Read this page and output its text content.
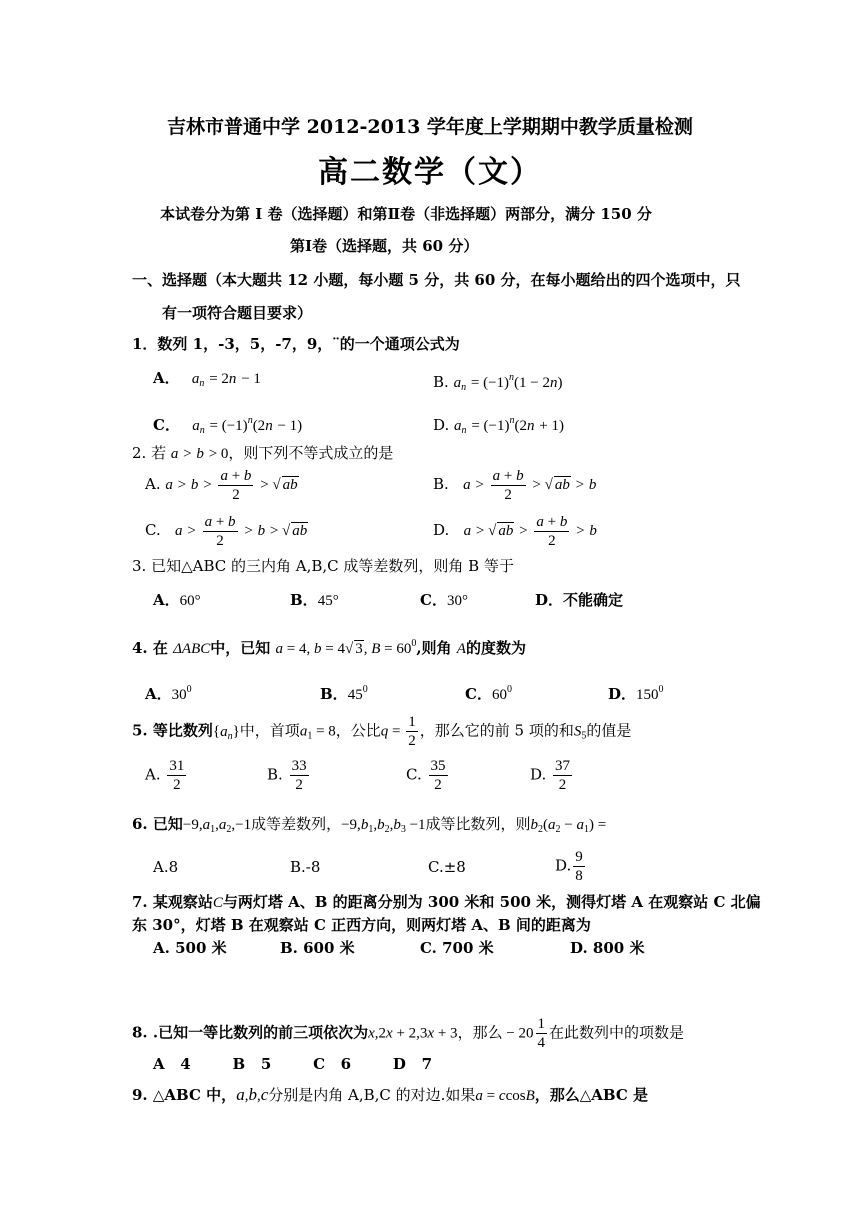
吉林市普通中学 2012-2013 学年度上学期期中教学质量检测
高二数学（文）
本试卷分为第 I 卷（选择题）和第Ⅱ卷（非选择题）两部分，满分 150 分
第Ⅰ卷（选择题，共 60 分）
一、选择题（本大题共 12 小题，每小题 5 分，共 60 分，在每小题给出的四个选项中，只
有一项符合题目要求）
1．数列 1，-3，5，-7，9，¨的一个通项公式为
A．   $a_n = 2n - 1$	B. $a_n = (-1)^n(1 - 2n)$
C．   $a_n = (-1)^n(2n - 1)$	D. $a_n = (-1)^n(2n + 1)$
2. 若 a > b > 0，则下列不等式成立的是
A. $a > b > \frac{a + b}{2}$ > √ ab	B. $a > \frac{a + b}{2}$ > √ ab > b
C. $a > \frac{a + b}{2} > b$ > √ ab	D. a > √ ab > $\frac{a + b}{2} > b$
3. 已知△ABC 的三内角 A,B,C 成等差数列，则角 B 等于
A．60°	B．45°	C．30°	D．不能确定
4. 在 ΔABC中，已知 a = 4, b = 4√ 3, $B = 60^0$,则角 A的度数为
A．$30^0$	B．$45^0$	C．$60^0$	D．$150^0$
5. 等比数列$\{a_n\}$中，首项$a_1 = 8$，公比$q = \frac{1}{2}$ ，那么它的前 5 项的和$S_5$的值是
A. $\frac{31}{2}$	B. $\frac{33}{2}$	C. $\frac{35}{2}$	D. $\frac{37}{2}$
6. 已知$-9,a_1,a_2,-1$成等差数列，$-9,b_1,b_2,b_3 -1$成等比数列，则$b_2(a_2 - a_1)$ =
A.8	B.-8	C.±8	D. $\frac{9}{8}$
7. 某观察站C与两灯塔 A、B 的距离分别为 300 米和 500 米，测得灯塔 A 在观察站 C 北偏
东 30°，灯塔 B 在观察站 C 正西方向，则两灯塔 A、B 间的距离为
A. 500 米	B. 600 米	C. 700 米	D. 800 米
8. .已知一等比数列的前三项依次为x,2x + 2,3x + 3，那么 − $20 \frac{1}{4}$ 在此数列中的项数是
A   4        B   5        C   6        D   7
9. △ABC 中，a,b,c分别是内角 A,B,C 的对边.如果a = ccosB，那么△ABC 是
